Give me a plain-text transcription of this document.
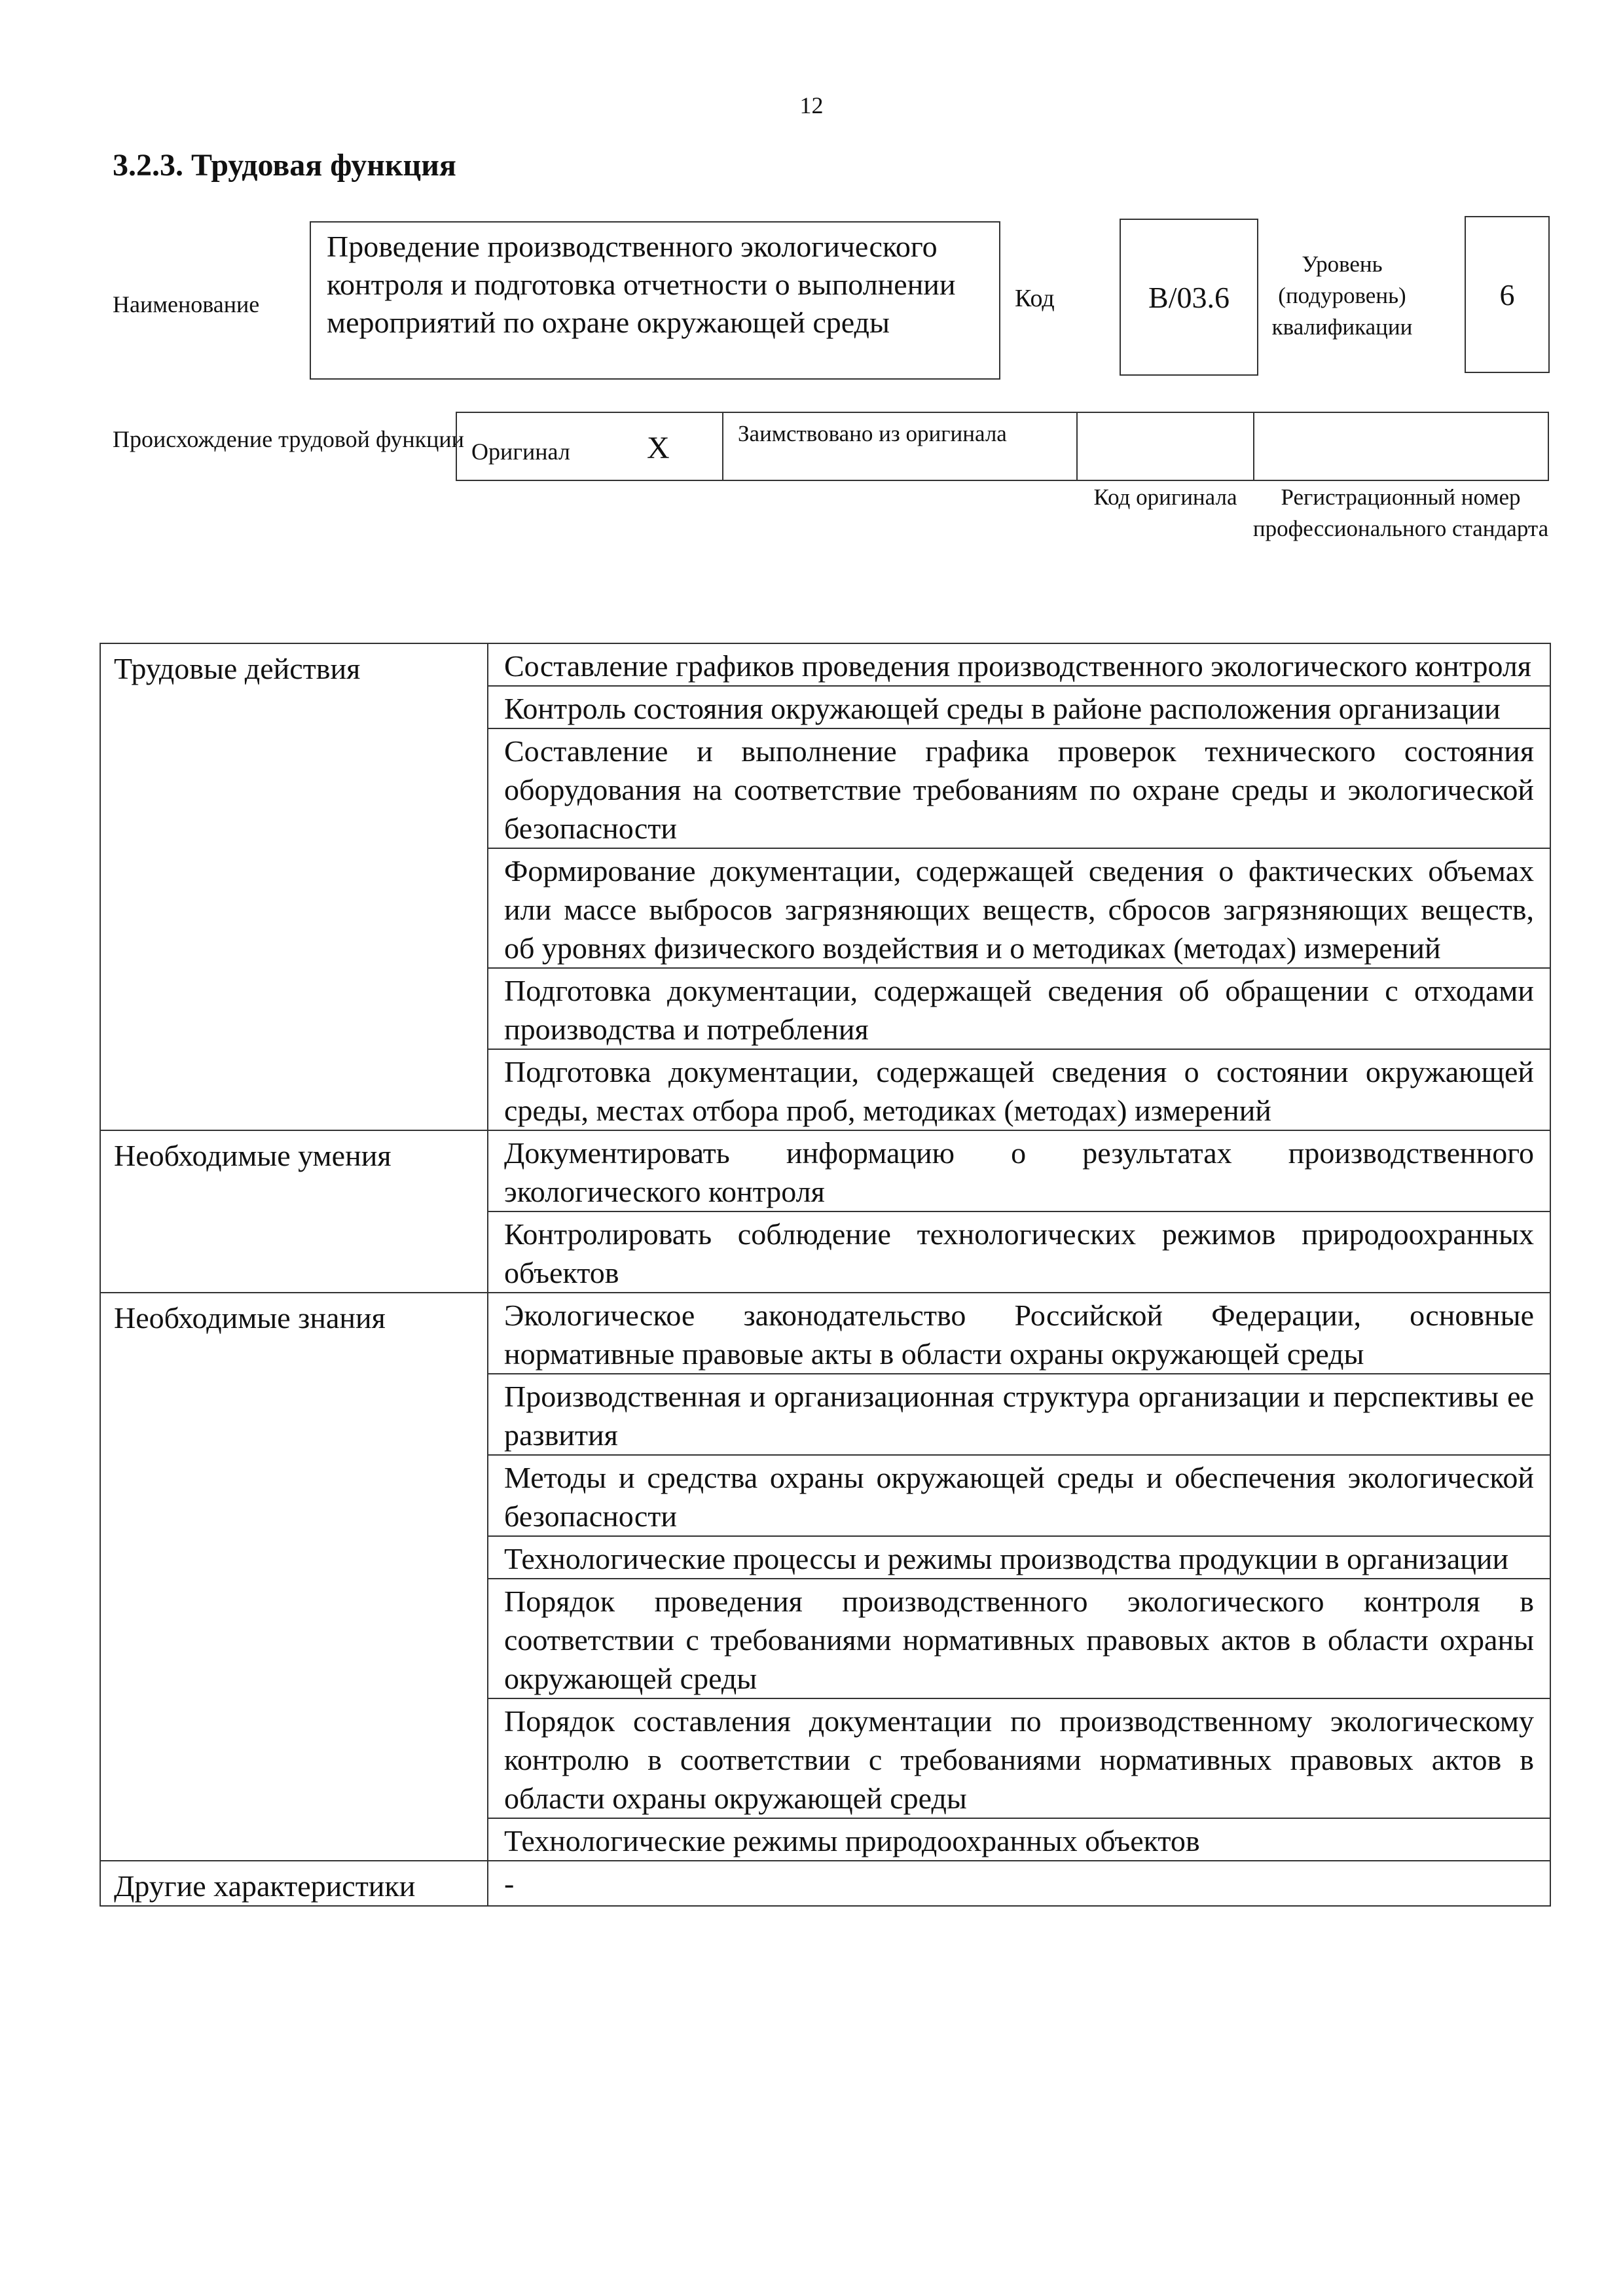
12
3.2.3. Трудовая функция
Наименование
Проведение производственного экологического контроля и подготовка отчетности о выполнении мероприятий по охране окружающей среды
Код	В/03.6
Уровень (подуровень) квалификации
6
Происхождение трудовой функции Оригинал Х	Заимствовано из оригинала
Код оригинала	Регистрационный номер профессионального стандарта
Трудовые действия	Составление графиков проведения производственного экологического контроля
	Контроль состояния окружающей среды в районе расположения организации
	Составление и выполнение графика проверок технического состояния оборудования на соответствие требованиям по охране среды и экологической безопасности
	Формирование документации, содержащей сведения о фактических объемах или массе выбросов загрязняющих веществ, сбросов загрязняющих веществ, об уровнях физического воздействия и о методиках (методах) измерений
	Подготовка документации, содержащей сведения об обращении с отходами производства и потребления
	Подготовка документации, содержащей сведения о состоянии окружающей среды, местах отбора проб, методиках (методах) измерений
Необходимые умения	Документировать информацию о результатах производственного экологического контроля
	Контролировать соблюдение технологических режимов природоохранных объектов
Необходимые знания	Экологическое законодательство Российской Федерации, основные нормативные правовые акты в области охраны окружающей среды
	Производственная и организационная структура организации и перспективы ее развития
	Методы и средства охраны окружающей среды и обеспечения экологической безопасности
	Технологические процессы и режимы производства продукции в организации
	Порядок проведения производственного экологического контроля в соответствии с требованиями нормативных правовых актов в области охраны окружающей среды
	Порядок составления документации по производственному экологическому контролю в соответствии с требованиями нормативных правовых актов в области охраны окружающей среды
	Технологические режимы природоохранных объектов
Другие характеристики	-
